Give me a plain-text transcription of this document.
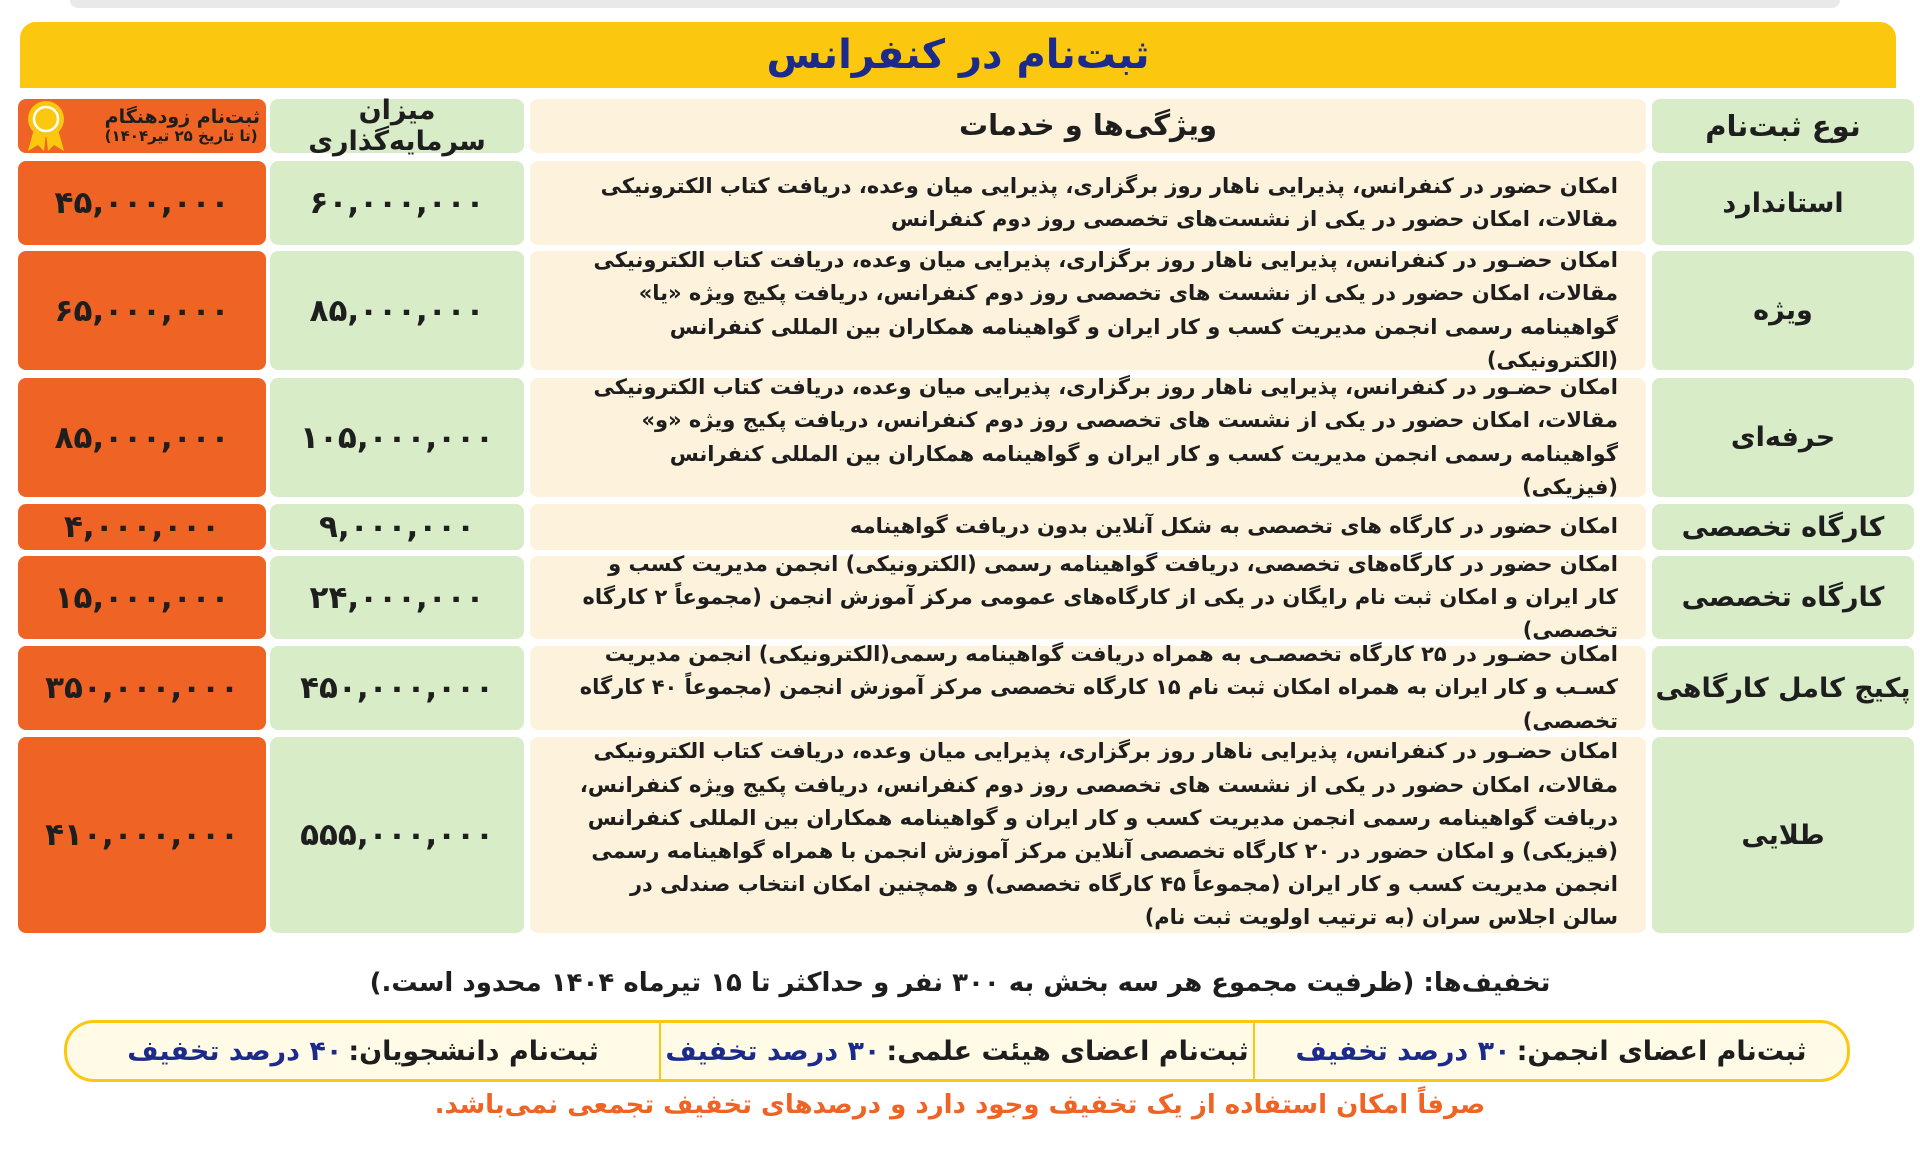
ثبت‌نام در کنفرانس
نوع ثبت‌نام
ویژگی‌ها و خدمات
میزان سرمایه‌گذاری
ثبت‌نام زودهنگام
(تا تاریخ ۲۵ تیر۱۴۰۴)
استاندارد
امکان حضور در کنفرانس، پذیرایی ناهار روز برگزاری، پذیرایی میان وعده، دریافت کتاب الکترونیکی مقالات، امکان حضور در یکی از نشست‌های تخصصی روز دوم کنفرانس
۶۰,۰۰۰,۰۰۰
۴۵,۰۰۰,۰۰۰
ویژه
امکان حضـور در کنفرانس، پذیرایی ناهار روز برگزاری، پذیرایی میان وعده، دریافت کتاب الکترونیکی مقالات، امکان حضور در یکی از نشست های تخصصی روز دوم کنفرانس، دریافت پکیج ویژه «یا» گواهینامه رسمی انجمن مدیریت کسب و کار ایران و گواهینامه همکاران بین المللی کنفرانس (الکترونیکی)
۸۵,۰۰۰,۰۰۰
۶۵,۰۰۰,۰۰۰
حرفه‌ای
امکان حضـور در کنفرانس، پذیرایی ناهار روز برگزاری، پذیرایی میان وعده، دریافت کتاب الکترونیکی مقالات، امکان حضور در یکی از نشست های تخصصی روز دوم کنفرانس، دریافت پکیج ویژه «و» گواهینامه رسمی انجمن مدیریت کسب و کار ایران و گواهینامه همکاران بین المللی کنفرانس (فیزیکی)
۱۰۵,۰۰۰,۰۰۰
۸۵,۰۰۰,۰۰۰
کارگاه تخصصی
امکان حضور در کارگاه های تخصصی به شکل آنلاین بدون دریافت گواهینامه
۹,۰۰۰,۰۰۰
۴,۰۰۰,۰۰۰
کارگاه تخصصی
امکان حضور در کارگاه‌های تخصصی، دریافت گواهینامه رسمی (الکترونیکی) انجمن مدیریت کسب و کار ایران و امکان ثبت نام رایگان در یکی از کارگاه‌های عمومی مرکز آموزش انجمن (مجموعاً ۲ کارگاه تخصصی)
۲۴,۰۰۰,۰۰۰
۱۵,۰۰۰,۰۰۰
پکیج کامل کارگاهی
امکان حضـور در ۲۵ کارگاه تخصصـی به همراه دریافت گواهینامه رسمی(الکترونیکی) انجمن مدیریت کسـب و کار ایران به همراه امکان ثبت نام ۱۵ کارگاه تخصصی مرکز آموزش انجمن (مجموعاً ۴۰ کارگاه تخصصی)
۴۵۰,۰۰۰,۰۰۰
۳۵۰,۰۰۰,۰۰۰
طلایی
امکان حضـور در کنفرانس، پذیرایی ناهار روز برگزاری، پذیرایی میان وعده، دریافت کتاب الکترونیکی مقالات، امکان حضور در یکی از نشست های تخصصی روز دوم کنفرانس، دریافت پکیج ویژه کنفرانس، دریافت گواهینامه رسمی انجمن مدیریت کسب و کار ایران و گواهینامه همکاران بین المللی کنفرانس (فیزیکی) و امکان حضور در ۲۰ کارگاه تخصصی آنلاین مرکز آموزش انجمن با همراه گواهینامه رسمی انجمن مدیریت کسب و کار ایران (مجموعاً ۴۵ کارگاه تخصصی) و همچنین امکان انتخاب صندلی در سالن اجلاس سران (به ترتیب اولویت ثبت نام)
۵۵۵,۰۰۰,۰۰۰
۴۱۰,۰۰۰,۰۰۰
تخفیف‌ها: (ظرفیت مجموع هر سه بخش به ۳۰۰ نفر و حداکثر تا ۱۵ تیرماه ۱۴۰۴ محدود است.)
ثبت‌نام اعضای انجمن:
۳۰ درصد تخفیف
ثبت‌نام اعضای هیئت علمی:
۳۰ درصد تخفیف
ثبت‌نام دانشجویان:
۴۰ درصد تخفیف
صرفاً امکان استفاده از یک تخفیف وجود دارد و درصدهای تخفیف تجمعی نمی‌باشد.
